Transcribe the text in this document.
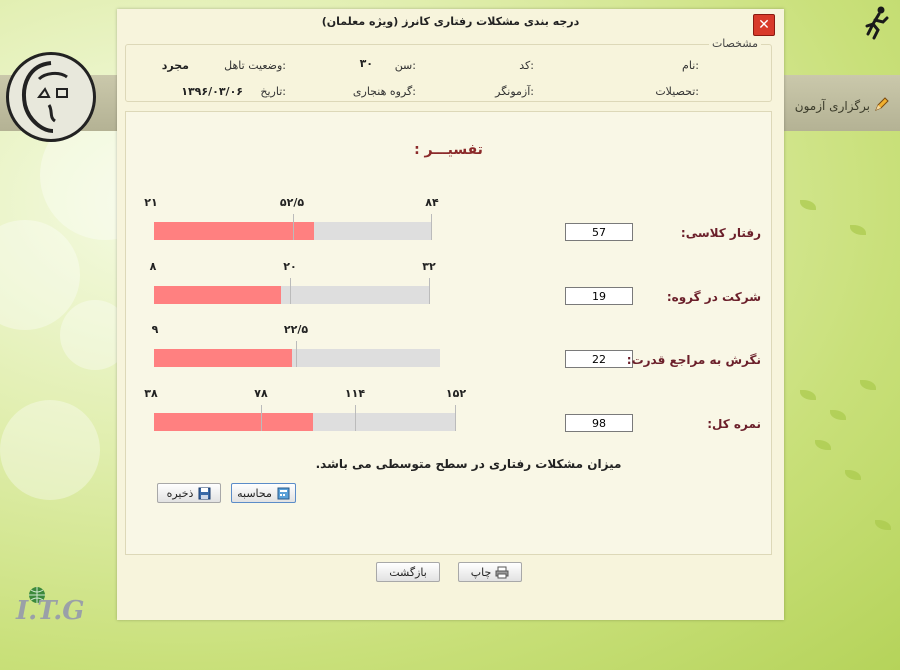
برگزاری آزمون
I.T.G
درجه بندی مشکلات رفتاری کانرز (ویژه معلمان)	✕
مشخصات
نام:
کد:
سن:
۳۰
وضعیت تاهل:
مجرد
تحصیلات:
آزمونگر:
گروه هنجاری:
تاریخ:
۱۳۹۶/۰۳/۰۶
تفسیـــر :
۲۱	۵۲/۵	۸۴
57	رفتار کلاسی:
۸	۲۰	۳۲
19	شرکت در گروه:
۹	۲۲/۵
22	نگرش به مراجع قدرت:
۳۸	۷۸	۱۱۴	۱۵۲
98	نمره کل:
میزان مشکلات رفتاری در سطح متوسطی می باشد.
محاسبه
ذخیره
چاپ
بازگشت
